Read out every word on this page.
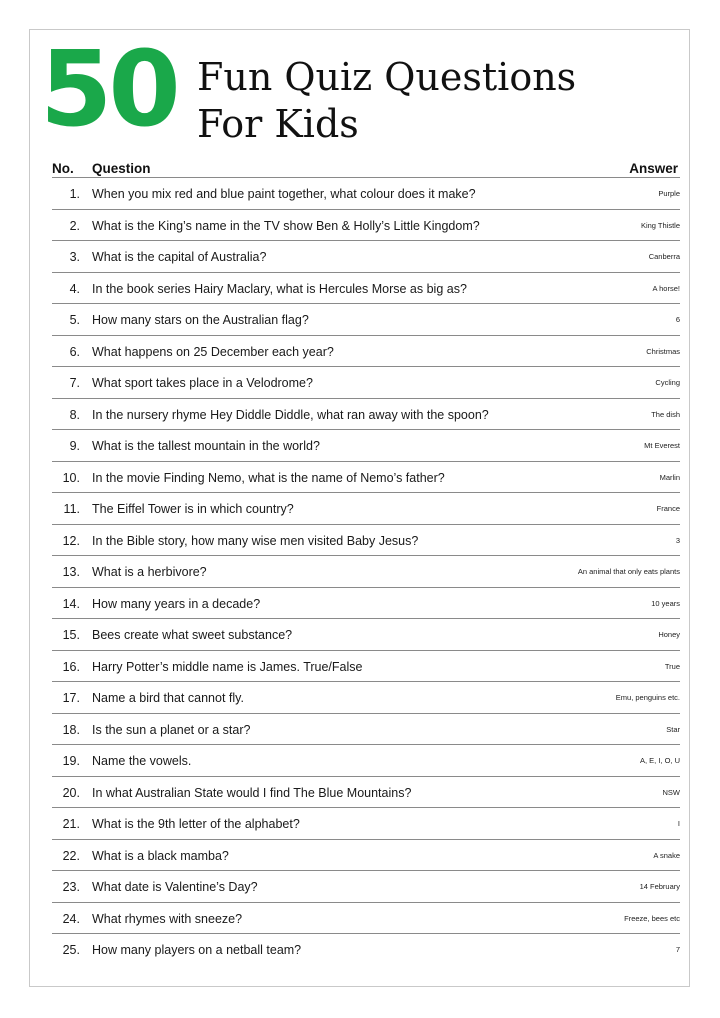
50 Fun Quiz Questions
For Kids
No. Question	Answer
1. When you mix red and blue paint together, what colour does it make?	Purple
2. What is the King’s name in the TV show Ben & Holly’s Little Kingdom?	King Thistle
3. What is the capital of Australia?	Canberra
4. In the book series Hairy Maclary, what is Hercules Morse as big as?	A horse!
5. How many stars on the Australian flag?	6
6. What happens on 25 December each year?	Christmas
7. What sport takes place in a Velodrome?	Cycling
8. In the nursery rhyme Hey Diddle Diddle, what ran away with the spoon?	The dish
9. What is the tallest mountain in the world?	Mt Everest
10. In the movie Finding Nemo, what is the name of Nemo’s father?	Marlin
11. The Eiffel Tower is in which country?	France
12. In the Bible story, how many wise men visited Baby Jesus?	3
13. What is a herbivore?	An animal that only eats plants
14. How many years in a decade?	10 years
15. Bees create what sweet substance?	Honey
16. Harry Potter’s middle name is James. True/False	True
17. Name a bird that cannot fly.	Emu, penguins etc.
18. Is the sun a planet or a star?	Star
19. Name the vowels.	A, E, I, O, U
20. In what Australian State would I find The Blue Mountains?	NSW
21. What is the 9th letter of the alphabet?	I
22. What is a black mamba?	A snake
23. What date is Valentine’s Day?	14 February
24. What rhymes with sneeze?	Freeze, bees etc
25. How many players on a netball team?	7
